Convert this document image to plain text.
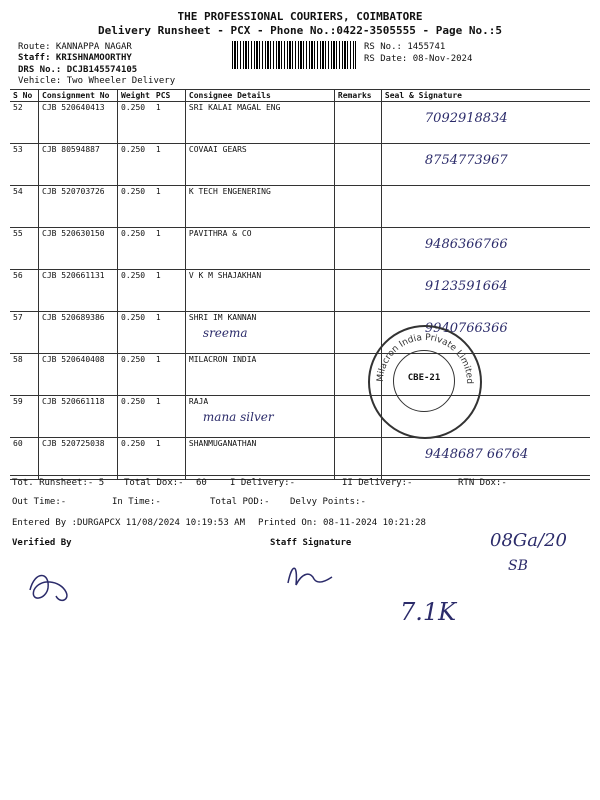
THE PROFESSIONAL COURIERS, COIMBATORE
Delivery Runsheet - PCX - Phone No.:0422-3505555 - Page No.:5
Route: KANNAPPA NAGAR
Staff: KRISHNAMOORTHY
DRS No.: DCJB145574105
Vehicle: Two Wheeler Delivery
RS No.: 1455741
RS Date: 08-Nov-2024
S No	Consignment No	Weight	PCS	Consignee Details	Remarks	Seal & Signature
52	CJB 520640413	0.250	1	SRI KALAI MAGAL ENG		7092918834

53	CJB 80594887	0.250	1	COVAAI GEARS		8754773967

54	CJB 520703726	0.250	1	K TECH ENGENERING

55	CJB 520630150	0.250	1	PAVITHRA & CO		9486366766

56	CJB 520661131	0.250	1	V K M SHAJAKHAN		9123591664

57	CJB 520689386	0.250	1	SHRI IM KANNAN
sreema		9940766366

58	CJB 520640408	0.250	1	MILACRON INDIA

59	CJB 520661118	0.250	1	RAJA
mana silver		

60	CJB 520725038	0.250	1	SHANMUGANATHAN		9448687 66764
Milacron India Private Limited
CBE-21
Tot. Runsheet:- 5 Total Dox:- 60	I Delivery:-	II Delivery:-	RTN Dox:-
Out Time:-	In Time:-	Total POD:- Delvy Points:-
Entered By :DURGAPCX 11/08/2024 10:19:53 AM Printed On: 08-11-2024 10:21:28
Verified By	Staff Signature	08Ga/20
SB
7.1K
